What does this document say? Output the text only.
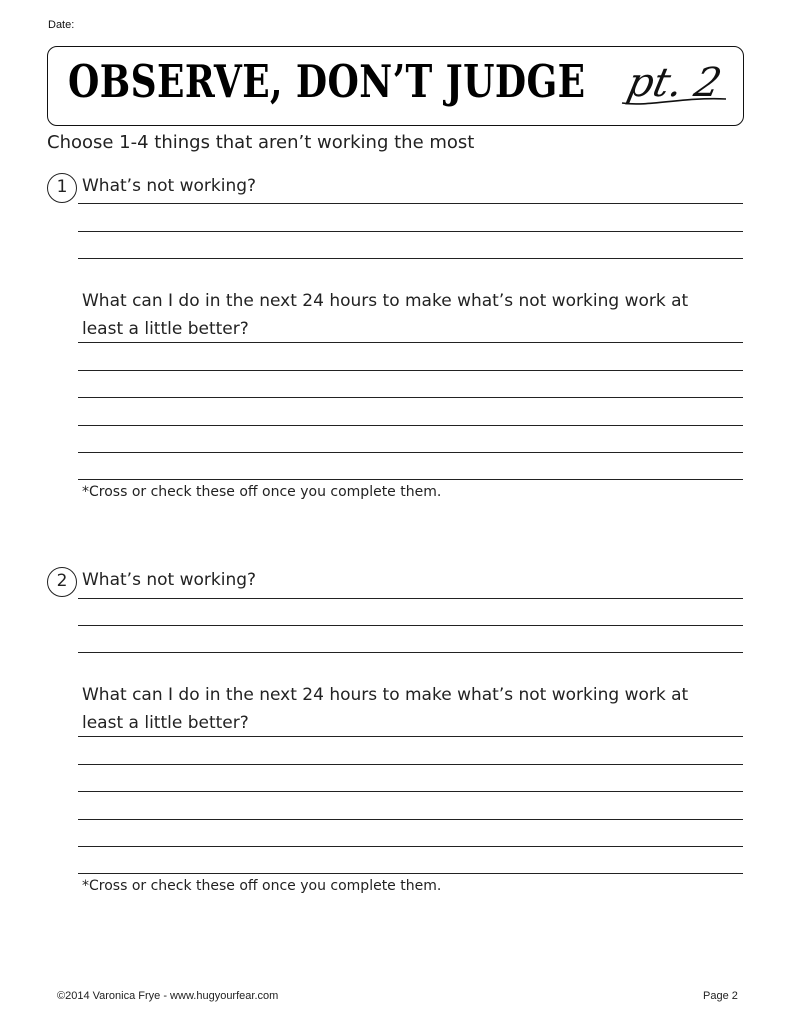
Date:
OBSERVE, DON’T JUDGE pt. 2
Choose 1-4 things that aren’t working the most
1 What’s not working?
What can I do in the next 24 hours to make what’s not working work at
least a little better?
*Cross or check these off once you complete them.
2 What’s not working?
What can I do in the next 24 hours to make what’s not working work at
least a little better?
*Cross or check these off once you complete them.
©2014 Varonica Frye - www.hugyourfear.com	Page 2
